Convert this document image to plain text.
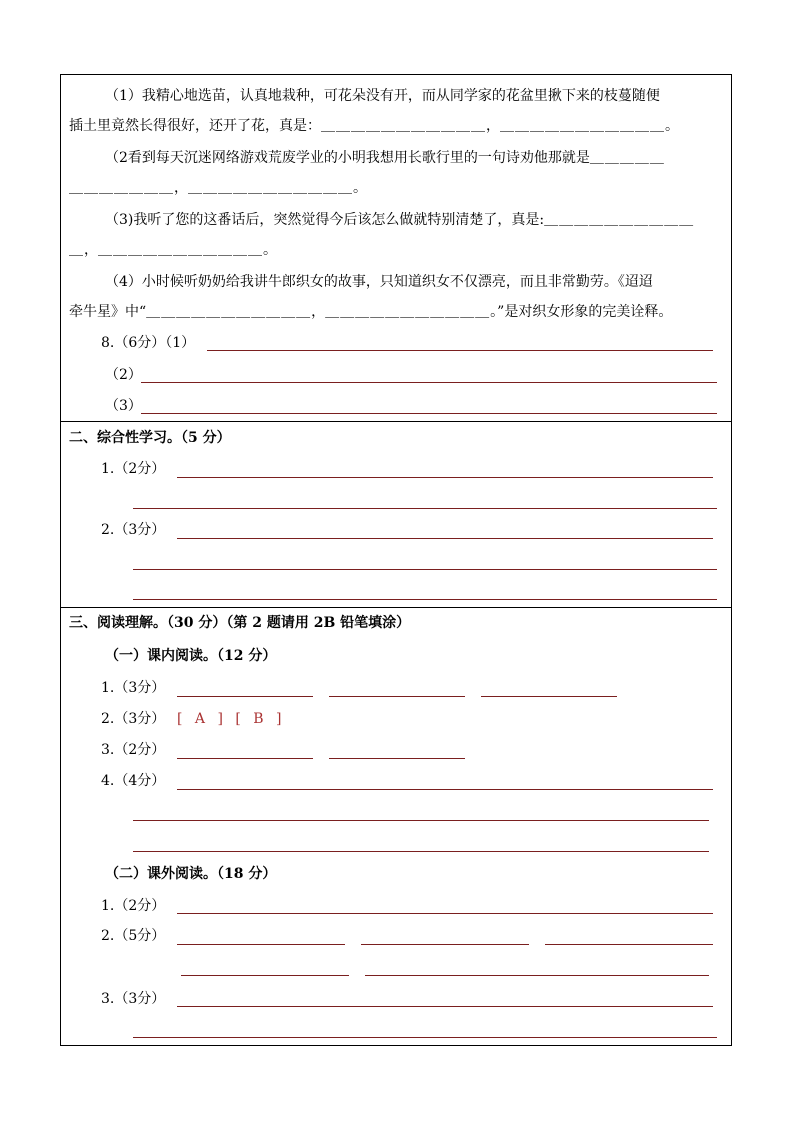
（1）我精心地选苗，认真地栽种，可花朵没有开，而从同学家的花盆里揪下来的枝蔓随便
插土里竟然长得很好，还开了花，真是：＿＿＿＿＿＿＿＿＿＿＿，＿＿＿＿＿＿＿＿＿＿＿。
（2看到每天沉迷网络游戏荒废学业的小明我想用长歌行里的一句诗劝他那就是＿＿＿＿＿
＿＿＿＿＿＿＿，＿＿＿＿＿＿＿＿＿＿＿。
（3)我听了您的这番话后，突然觉得今后该怎么做就特别清楚了，真是:＿＿＿＿＿＿＿＿＿＿
＿，＿＿＿＿＿＿＿＿＿＿＿。
（4）小时候听奶奶给我讲牛郎织女的故事，只知道织女不仅漂亮，而且非常勤劳。《迢迢
牵牛星》中“＿＿＿＿＿＿＿＿＿＿＿，＿＿＿＿＿＿＿＿＿＿＿。”是对织女形象的完美诠释。
8.（6分）（1）
（2）
（3）
二、综合性学习。（5 分）
1.（2分）
2.（3分）
三、阅读理解。（30 分）（第 2 题请用 2B 铅笔填涂）
（一）课内阅读。（12 分）
1.（3分）
2.（3分） [ A ] [ B ]
3.（2分）
4.（4分）
（二）课外阅读。（18 分）
1.（2分）
2.（5分）
3.（3分）
